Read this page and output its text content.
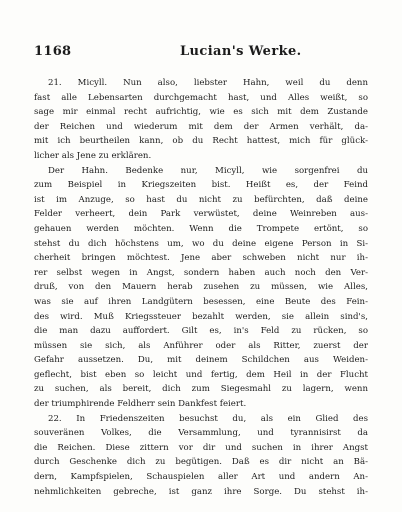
1168	Lucian's Werke.
21. Micyll. Nun also, liebster Hahn, weil du denn
fast alle Lebensarten durchgemacht hast, und Alles weißt, so
sage mir einmal recht aufrichtig, wie es sich mit dem Zustande
der Reichen und wiederum mit dem der Armen verhält, da-
mit ich beurtheilen kann, ob du Recht hattest, mich für glück-
licher als Jene zu erklären.
Der Hahn. Bedenke nur, Micyll, wie sorgenfrei du
zum Beispiel in Kriegszeiten bist. Heißt es, der Feind
ist im Anzuge, so hast du nicht zu befürchten, daß deine
Felder verheert, dein Park verwüstet, deine Weinreben aus-
gehauen werden möchten. Wenn die Trompete ertönt, so
stehst du dich höchstens um, wo du deine eigene Person in Si-
cherheit bringen möchtest. Jene aber schweben nicht nur ih-
rer selbst wegen in Angst, sondern haben auch noch den Ver-
druß, von den Mauern herab zusehen zu müssen, wie Alles,
was sie auf ihren Landgütern besessen, eine Beute des Fein-
des wird. Muß Kriegssteuer bezahlt werden, sie allein sind's,
die man dazu auffordert. Gilt es, in's Feld zu rücken, so
müssen sie sich, als Anführer oder als Ritter, zuerst der
Gefahr aussetzen. Du, mit deinem Schildchen aus Weiden-
geflecht, bist eben so leicht und fertig, dem Heil in der Flucht
zu suchen, als bereit, dich zum Siegesmahl zu lagern, wenn
der triumphirende Feldherr sein Dankfest feiert.
22. In Friedenszeiten besuchst du, als ein Glied des
souveränen Volkes, die Versammlung, und tyrannisirst da
die Reichen. Diese zittern vor dir und suchen in ihrer Angst
durch Geschenke dich zu begütigen. Daß es dir nicht an Bä-
dern, Kampfspielen, Schauspielen aller Art und andern An-
nehmlichkeiten gebreche, ist ganz ihre Sorge. Du stehst ih-
